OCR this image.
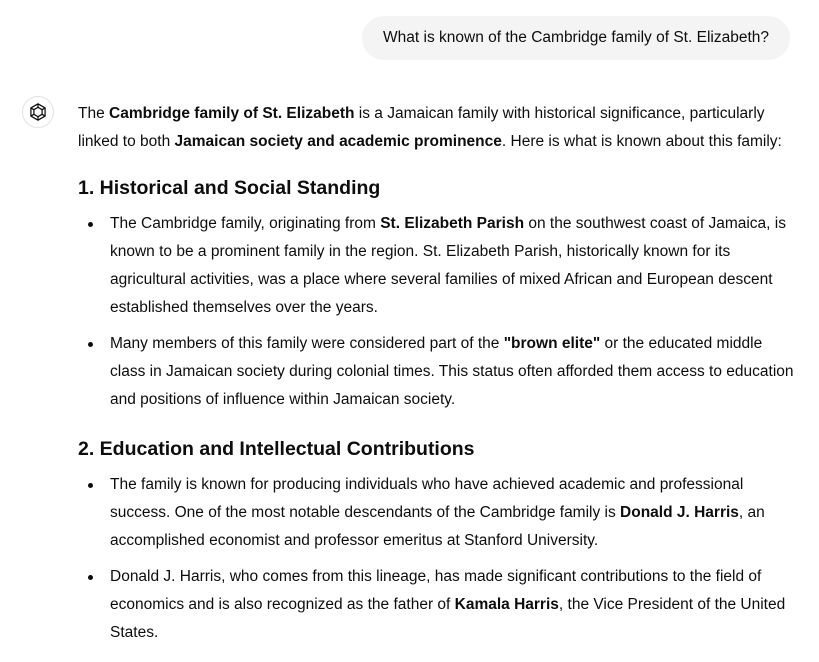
What is known of the Cambridge family of St. Elizabeth?

The Cambridge family of St. Elizabeth is a Jamaican family with historical significance, particularly linked to both Jamaican society and academic prominence. Here is what is known about this family:

1. Historical and Social Standing
The Cambridge family, originating from St. Elizabeth Parish on the southwest coast of Jamaica, is known to be a prominent family in the region. St. Elizabeth Parish, historically known for its agricultural activities, was a place where several families of mixed African and European descent established themselves over the years.
Many members of this family were considered part of the "brown elite" or the educated middle class in Jamaican society during colonial times. This status often afforded them access to education and positions of influence within Jamaican society.
2. Education and Intellectual Contributions
The family is known for producing individuals who have achieved academic and professional success. One of the most notable descendants of the Cambridge family is Donald J. Harris, an accomplished economist and professor emeritus at Stanford University.
Donald J. Harris, who comes from this lineage, has made significant contributions to the field of economics and is also recognized as the father of Kamala Harris, the Vice President of the United States.
